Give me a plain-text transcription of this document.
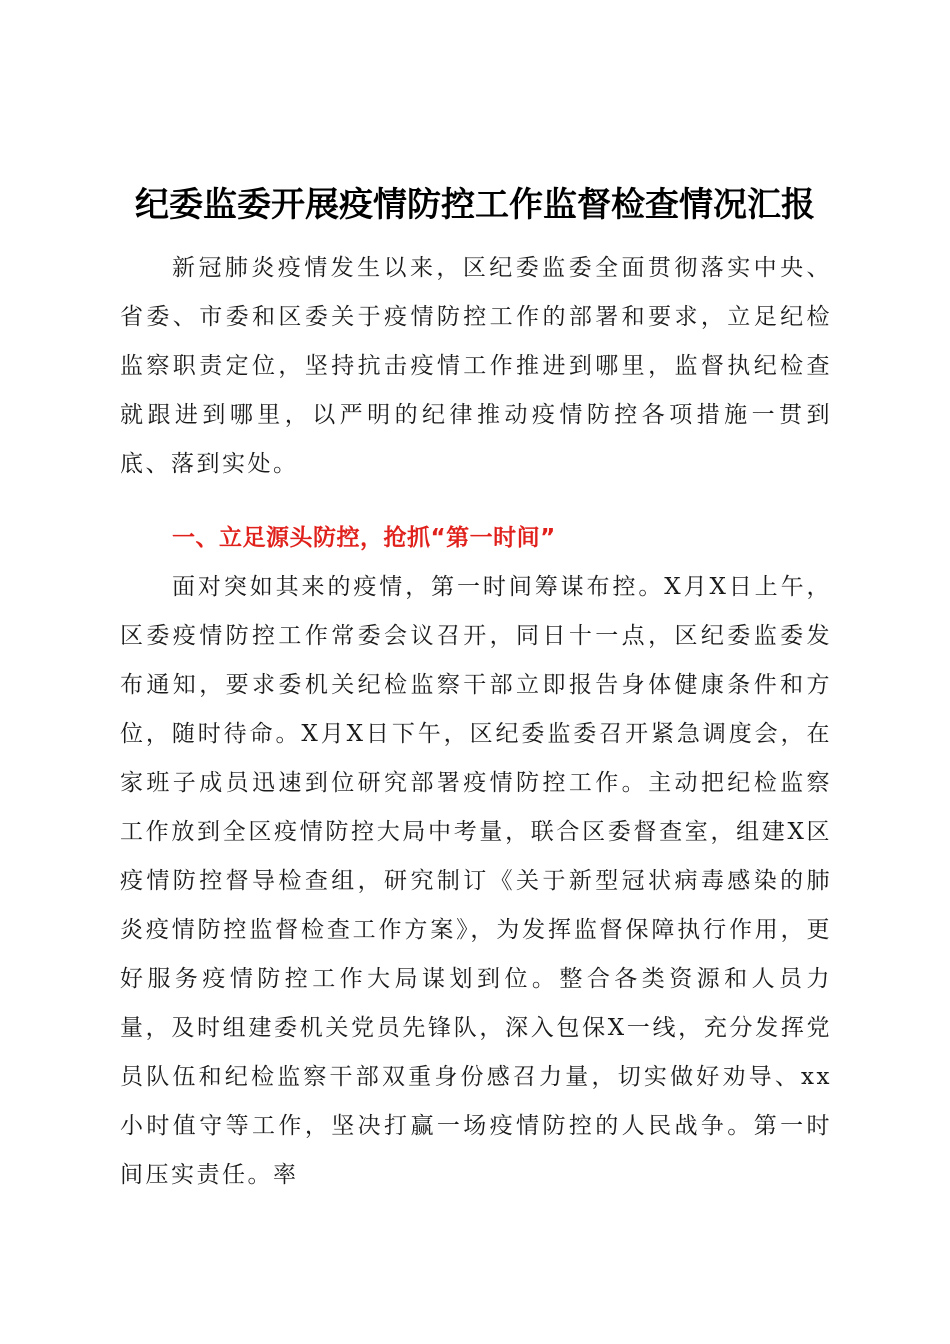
纪委监委开展疫情防控工作监督检查情况汇报

新冠肺炎疫情发生以来，区纪委监委全面贯彻落实中央、省委、市委和区委关于疫情防控工作的部署和要求，立足纪检监察职责定位，坚持抗击疫情工作推进到哪里，监督执纪检查就跟进到哪里，以严明的纪律推动疫情防控各项措施一贯到底、落到实处。

一、立足源头防控，抢抓“第一时间”

面对突如其来的疫情，第一时间筹谋布控。X月X日上午，区委疫情防控工作常委会议召开，同日十一点，区纪委监委发布通知，要求委机关纪检监察干部立即报告身体健康条件和方位，随时待命。X月X日下午，区纪委监委召开紧急调度会，在家班子成员迅速到位研究部署疫情防控工作。主动把纪检监察工作放到全区疫情防控大局中考量，联合区委督查室，组建X区疫情防控督导检查组，研究制订《关于新型冠状病毒感染的肺炎疫情防控监督检查工作方案》，为发挥监督保障执行作用，更好服务疫情防控工作大局谋划到位。整合各类资源和人员力量，及时组建委机关党员先锋队，深入包保X一线，充分发挥党员队伍和纪检监察干部双重身份感召力量，切实做好劝导、xx小时值守等工作，坚决打赢一场疫情防控的人民战争。第一时间压实责任。率
